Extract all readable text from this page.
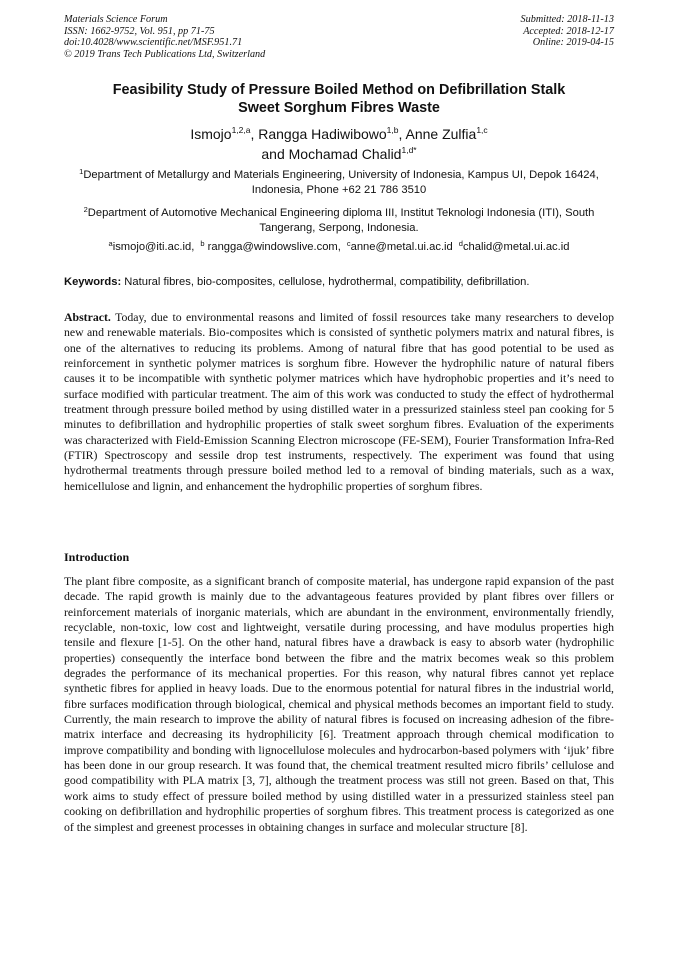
Materials Science Forum
ISSN: 1662-9752, Vol. 951, pp 71-75
doi:10.4028/www.scientific.net/MSF.951.71
© 2019 Trans Tech Publications Ltd, Switzerland
Submitted: 2018-11-13
Accepted: 2018-12-17
Online: 2019-04-15
Feasibility Study of Pressure Boiled Method on Defibrillation Stalk
Sweet Sorghum Fibres Waste
Ismojo$^{1,2,a}$, Rangga Hadiwibowo$^{1,b}$, Anne Zulfia$^{1,c}$
and Mochamad Chalid$^{1,d*}$
$^1$Department of Metallurgy and Materials Engineering, University of Indonesia, Kampus UI, Depok 16424, Indonesia, Phone +62 21 786 3510
$^2$Department of Automotive Mechanical Engineering diploma III, Institut Teknologi Indonesia (ITI), South Tangerang, Serpong, Indonesia.
$^a$ismojo@iti.ac.id, $^b$ rangga@windowslive.com, $^c$anne@metal.ui.ac.id $^d$chalid@metal.ui.ac.id
Keywords: Natural fibres, bio-composites, cellulose, hydrothermal, compatibility, defibrillation.
Abstract. Today, due to environmental reasons and limited of fossil resources take many researchers to develop new and renewable materials. Bio-composites which is consisted of synthetic polymers matrix and natural fibres, is one of the alternatives to reducing its problems. Among of natural fibre that has good potential to be used as reinforcement in synthetic polymer matrices is sorghum fibre. However the hydrophilic nature of natural fibers causes it to be incompatible with synthetic polymer matrices which have hydrophobic properties and it’s need to surface modified with particular treatment. The aim of this work was conducted to study the effect of hydrothermal treatment through pressure boiled method by using distilled water in a pressurized stainless steel pan cooking for 5 minutes to defibrillation and hydrophilic properties of stalk sweet sorghum fibres. Evaluation of the experiments was characterized with Field-Emission Scanning Electron microscope (FE-SEM), Fourier Transformation Infra-Red (FTIR) Spectroscopy and sessile drop test instruments, respectively. The experiment was found that using hydrothermal treatments through pressure boiled method led to a removal of binding materials, such as a wax, hemicellulose and lignin, and enhancement the hydrophilic properties of sorghum fibres.
Introduction
The plant fibre composite, as a significant branch of composite material, has undergone rapid expansion of the past decade. The rapid growth is mainly due to the advantageous features provided by plant fibres over fillers or reinforcement materials of inorganic materials, which are abundant in the environment, environmentally friendly, recyclable, non-toxic, low cost and lightweight, versatile during processing, and have modulus properties high tensile and flexure [1-5]. On the other hand, natural fibres have a drawback is easy to absorb water (hydrophilic properties) consequently the interface bond between the fibre and the matrix becomes weak so this problem degrades the performance of its mechanical properties. For this reason, why natural fibres cannot yet replace synthetic fibres for applied in heavy loads. Due to the enormous potential for natural fibres in the industrial world, fibre surfaces modification through biological, chemical and physical methods becomes an important field to study. Currently, the main research to improve the ability of natural fibres is focused on increasing adhesion of the fibre-matrix interface and decreasing its hydrophilicity [6]. Treatment approach through chemical modification to improve compatibility and bonding with lignocellulose molecules and hydrocarbon-based polymers with ‘ijuk’ fibre has been done in our group research. It was found that, the chemical treatment resulted micro fibrils’ cellulose and good compatibility with PLA matrix [3, 7], although the treatment process was still not green. Based on that, This work aims to study effect of pressure boiled method by using distilled water in a pressurized stainless steel pan cooking on defibrillation and hydrophilic properties of sorghum fibres. This treatment process is categorized as one of the simplest and greenest processes in obtaining changes in surface and molecular structure [8].
